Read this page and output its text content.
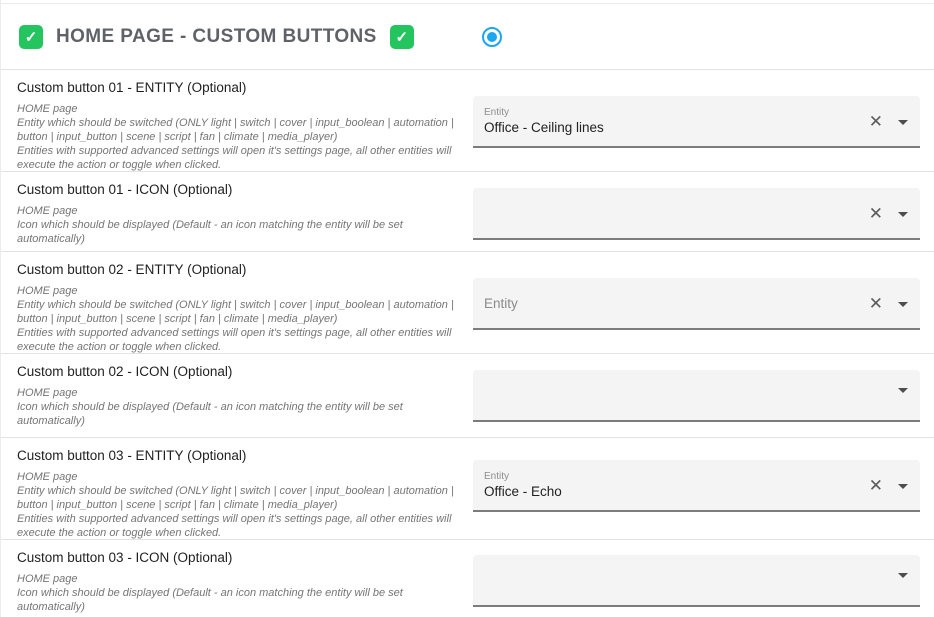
✓ HOME PAGE - CUSTOM BUTTONS	✓
Custom button 01 - ENTITY (Optional)
HOME page
Entity which should be switched (ONLY light | switch | cover | input_boolean | automation | button | input_button | scene | script | fan | climate | media_player)
Entities with supported advanced settings will open it's settings page, all other entities will execute the action or toggle when clicked.
Entity
Office - Ceiling lines	✕
Custom button 01 - ICON (Optional)
HOME page
Icon which should be displayed (Default - an icon matching the entity will be set automatically)
✕
Custom button 02 - ENTITY (Optional)
HOME page
Entity which should be switched (ONLY light | switch | cover | input_boolean | automation | button | input_button | scene | script | fan | climate | media_player)
Entities with supported advanced settings will open it's settings page, all other entities will execute the action or toggle when clicked.
Entity	✕
Custom button 02 - ICON (Optional)
HOME page
Icon which should be displayed (Default - an icon matching the entity will be set automatically)
Custom button 03 - ENTITY (Optional)
HOME page
Entity which should be switched (ONLY light | switch | cover | input_boolean | automation | button | input_button | scene | script | fan | climate | media_player)
Entities with supported advanced settings will open it's settings page, all other entities will execute the action or toggle when clicked.
Entity
Office - Echo	✕
Custom button 03 - ICON (Optional)
HOME page
Icon which should be displayed (Default - an icon matching the entity will be set automatically)
